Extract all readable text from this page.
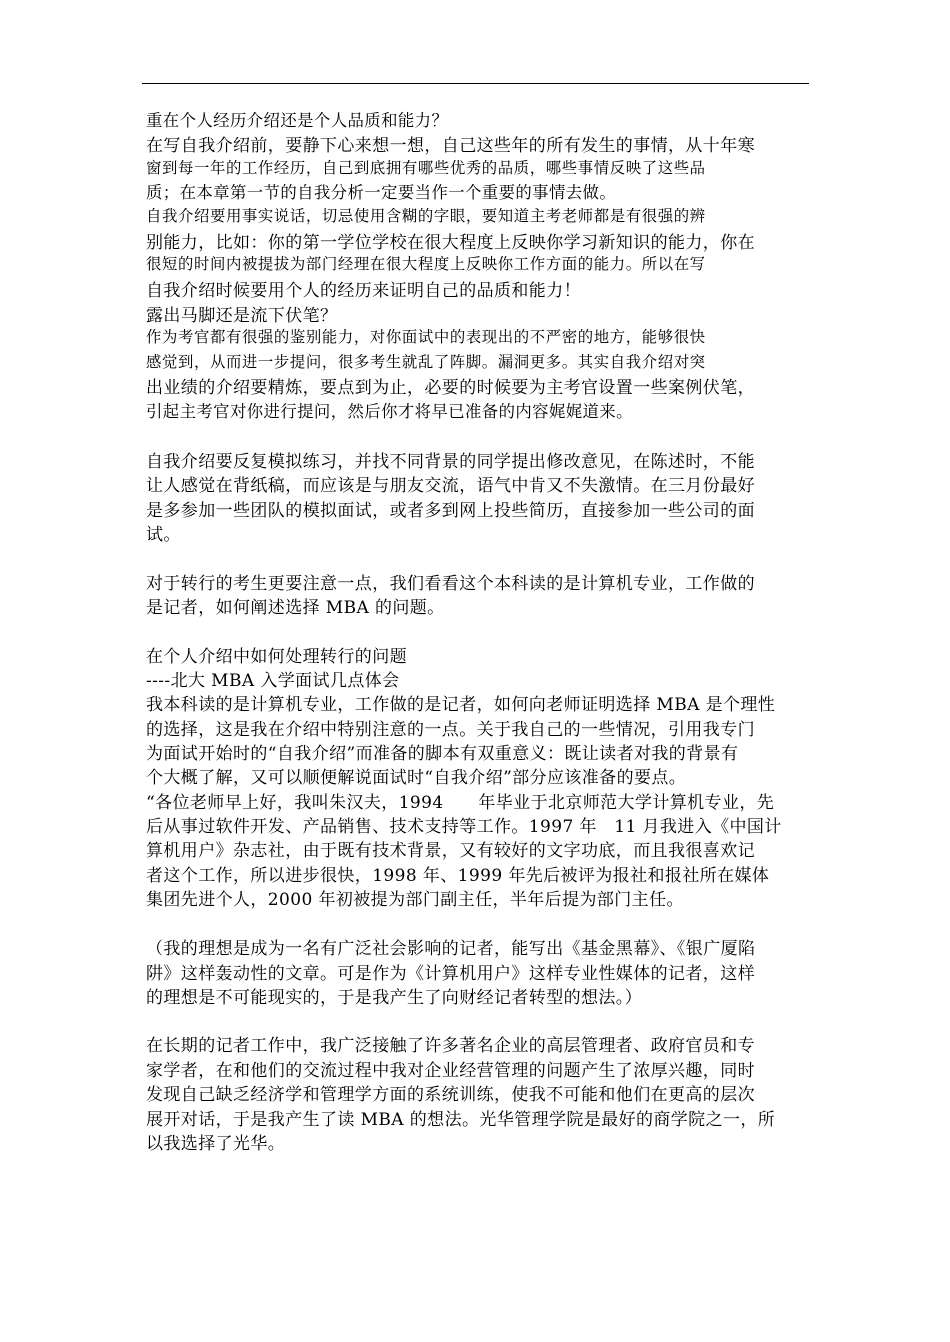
重在个人经历介绍还是个人品质和能力？
在写自我介绍前，要静下心来想一想，自己这些年的所有发生的事情，从十年寒
窗到每一年的工作经历，自己到底拥有哪些优秀的品质，哪些事情反映了这些品
质；在本章第一节的自我分析一定要当作一个重要的事情去做。
自我介绍要用事实说话，切忌使用含糊的字眼，要知道主考老师都是有很强的辨
别能力，比如：你的第一学位学校在很大程度上反映你学习新知识的能力，你在
很短的时间内被提拔为部门经理在很大程度上反映你工作方面的能力。所以在写
自我介绍时候要用个人的经历来证明自己的品质和能力！
露出马脚还是流下伏笔？
作为考官都有很强的鉴别能力，对你面试中的表现出的不严密的地方，能够很快
感觉到，从而进一步提问，很多考生就乱了阵脚。漏洞更多。其实自我介绍对突
出业绩的介绍要精炼，要点到为止，必要的时候要为主考官设置一些案例伏笔，
引起主考官对你进行提问，然后你才将早已准备的内容娓娓道来。
自我介绍要反复模拟练习，并找不同背景的同学提出修改意见，在陈述时，不能
让人感觉在背纸稿，而应该是与朋友交流，语气中肯又不失激情。在三月份最好
是多参加一些团队的模拟面试，或者多到网上投些简历，直接参加一些公司的面
试。
对于转行的考生更要注意一点，我们看看这个本科读的是计算机专业，工作做的
是记者，如何阐述选择 MBA 的问题。
在个人介绍中如何处理转行的问题
----北大 MBA 入学面试几点体会
我本科读的是计算机专业，工作做的是记者，如何向老师证明选择 MBA 是个理性
的选择，这是我在介绍中特别注意的一点。关于我自己的一些情况，引用我专门
为面试开始时的“自我介绍”而准备的脚本有双重意义：既让读者对我的背景有
个大概了解，又可以顺便解说面试时“自我介绍”部分应该准备的要点。
“各位老师早上好，我叫朱汉夫，1994　　年毕业于北京师范大学计算机专业，先
后从事过软件开发、产品销售、技术支持等工作。1997 年　11 月我进入《中国计
算机用户》杂志社，由于既有技术背景，又有较好的文字功底，而且我很喜欢记
者这个工作，所以进步很快，1998 年、1999 年先后被评为报社和报社所在媒体
集团先进个人，2000 年初被提为部门副主任，半年后提为部门主任。
（我的理想是成为一名有广泛社会影响的记者，能写出《基金黑幕》、《银广厦陷
阱》这样轰动性的文章。可是作为《计算机用户》这样专业性媒体的记者，这样
的理想是不可能现实的，于是我产生了向财经记者转型的想法。）
在长期的记者工作中，我广泛接触了许多著名企业的高层管理者、政府官员和专
家学者，在和他们的交流过程中我对企业经营管理的问题产生了浓厚兴趣，同时
发现自己缺乏经济学和管理学方面的系统训练，使我不可能和他们在更高的层次
展开对话，于是我产生了读 MBA 的想法。光华管理学院是最好的商学院之一，所
以我选择了光华。
